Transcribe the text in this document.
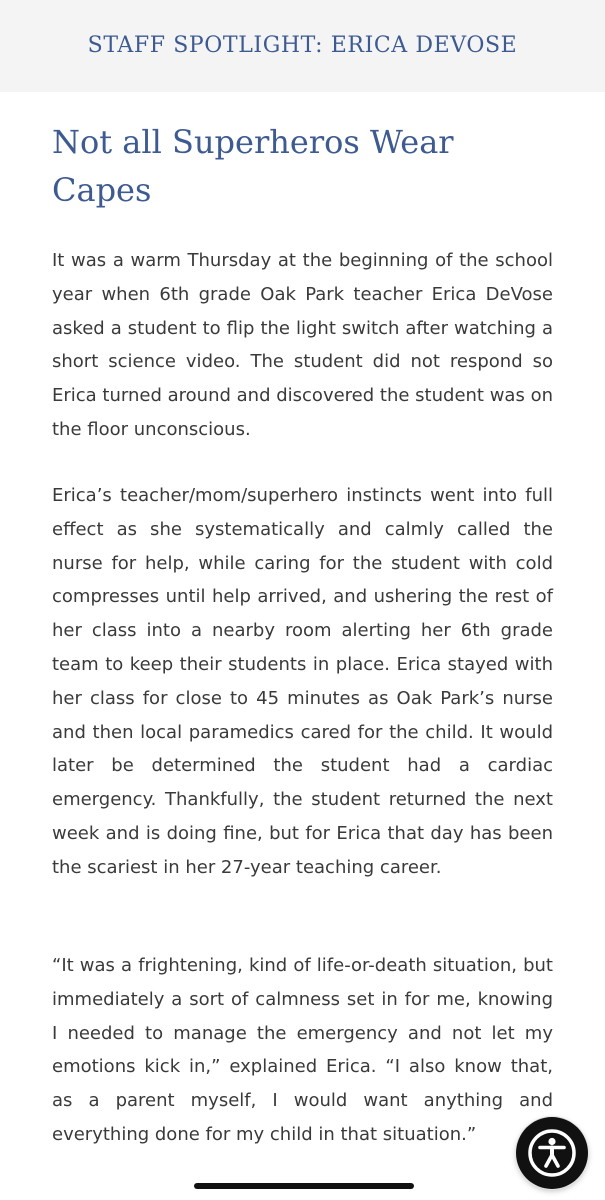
STAFF SPOTLIGHT: ERICA DEVOSE
Not all Superheros Wear Capes

It was a warm Thursday at the beginning of the school year when 6th grade Oak Park teacher Erica DeVose asked a student to flip the light switch after watching a short science video. The student did not respond so Erica turned around and discovered the student was on the floor unconscious.

Erica’s teacher/mom/superhero instincts went into full effect as she systematically and calmly called the nurse for help, while caring for the student with cold compresses until help arrived, and ushering the rest of her class into a nearby room alerting her 6th grade team to keep their students in place. Erica stayed with her class for close to 45 minutes as Oak Park’s nurse and then local paramedics cared for the child. It would later be determined the student had a cardiac emergency. Thankfully, the student returned the next week and is doing fine, but for Erica that day has been the scariest in her 27-year teaching career.

“It was a frightening, kind of life-or-death situation, but immediately a sort of calmness set in for me, knowing I needed to manage the emergency and not let my emotions kick in,” explained Erica. “I also know that, as a parent myself, I would want anything and everything done for my child in that situation.”
